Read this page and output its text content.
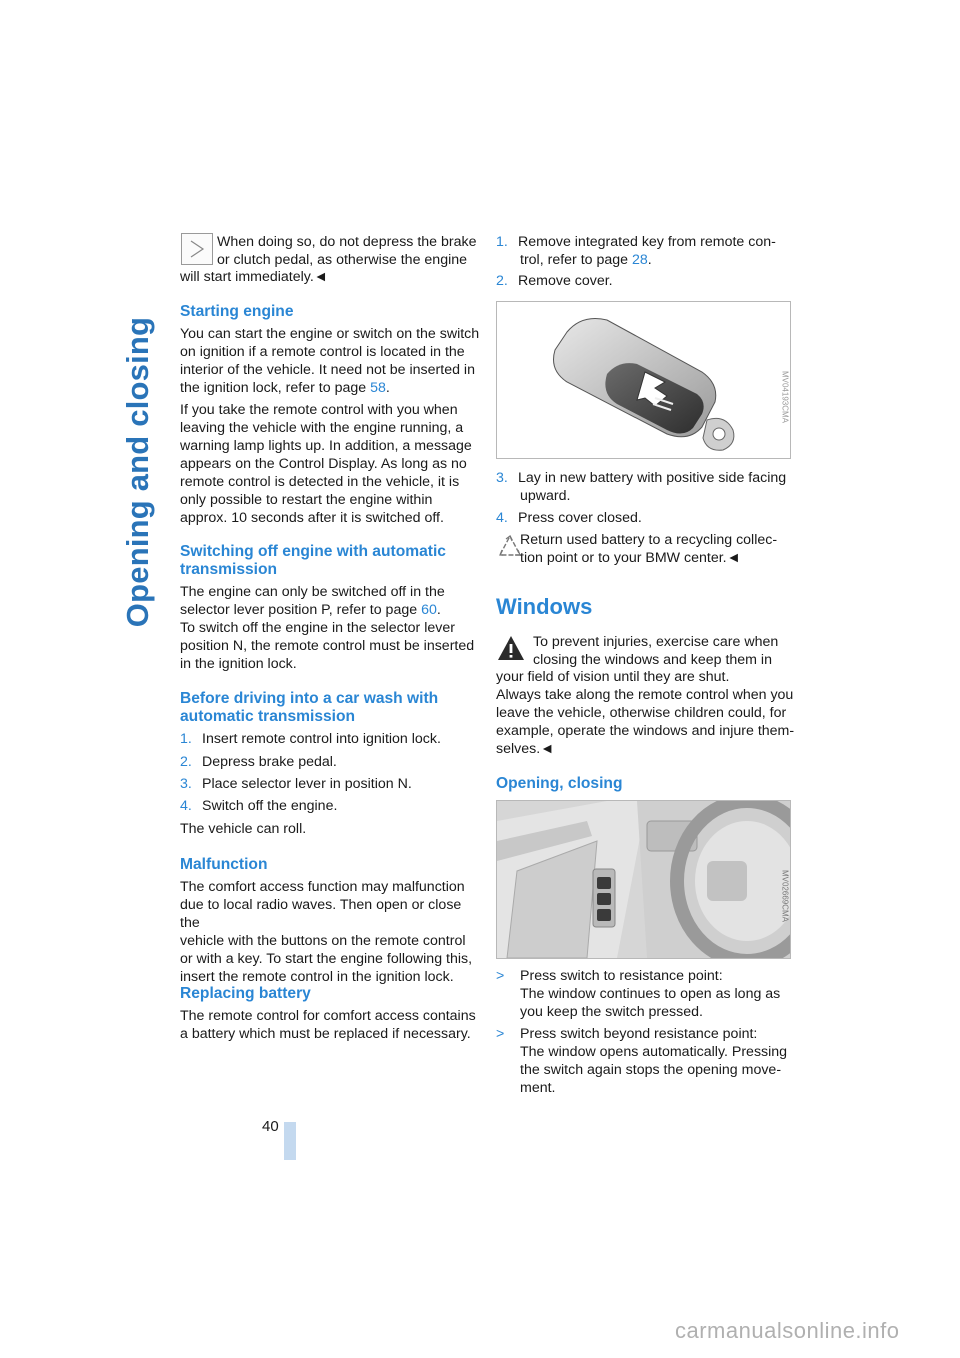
Opening and closing
40
When doing so, do not depress the brake
or clutch pedal, as otherwise the engine
will start immediately.◄
Starting engine

You can start the engine or switch on the switch

on ignition if a remote control is located in the

interior of the vehicle. It need not be inserted in

the ignition lock, refer to page 58.

If you take the remote control with you when

leaving the vehicle with the engine running, a

warning lamp lights up. In addition, a message

appears on the Control Display. As long as no

remote control is detected in the vehicle, it is

only possible to restart the engine within

approx. 10 seconds after it is switched off.

Switching off engine with automatic

transmission

The engine can only be switched off in the

selector lever position P, refer to page 60.

To switch off the engine in the selector lever

position N, the remote control must be inserted

in the ignition lock.

Before driving into a car wash with

automatic transmission

1. Insert remote control into ignition lock.
2. Depress brake pedal.
3. Place selector lever in position N.
4. Switch off the engine.
The vehicle can roll.
Malfunction

The comfort access function may malfunction

due to local radio waves. Then open or close the

vehicle with the buttons on the remote control

or with a key. To start the engine following this,

insert the remote control in the ignition lock.

Replacing battery

The remote control for comfort access contains

a battery which must be replaced if necessary.

1. Remove integrated key from remote con-

trol, refer to page 28.

2. Remove cover.
MV04193CMA

3. Lay in new battery with positive side facing

upward.

4. Press cover closed.

Return used battery to a recycling collec-

tion point or to your BMW center.◄

Windows
To prevent injuries, exercise care when
closing the windows and keep them in

your field of vision until they are shut.

Always take along the remote control when you

leave the vehicle, otherwise children could, for

example, operate the windows and injure them-

selves.◄

Opening, closing
MV02669CMA
> Press switch to resistance point:

The window continues to open as long as

you keep the switch pressed.

> Press switch beyond resistance point:

The window opens automatically. Pressing

the switch again stops the opening move-

ment.

carmanualsonline.info
